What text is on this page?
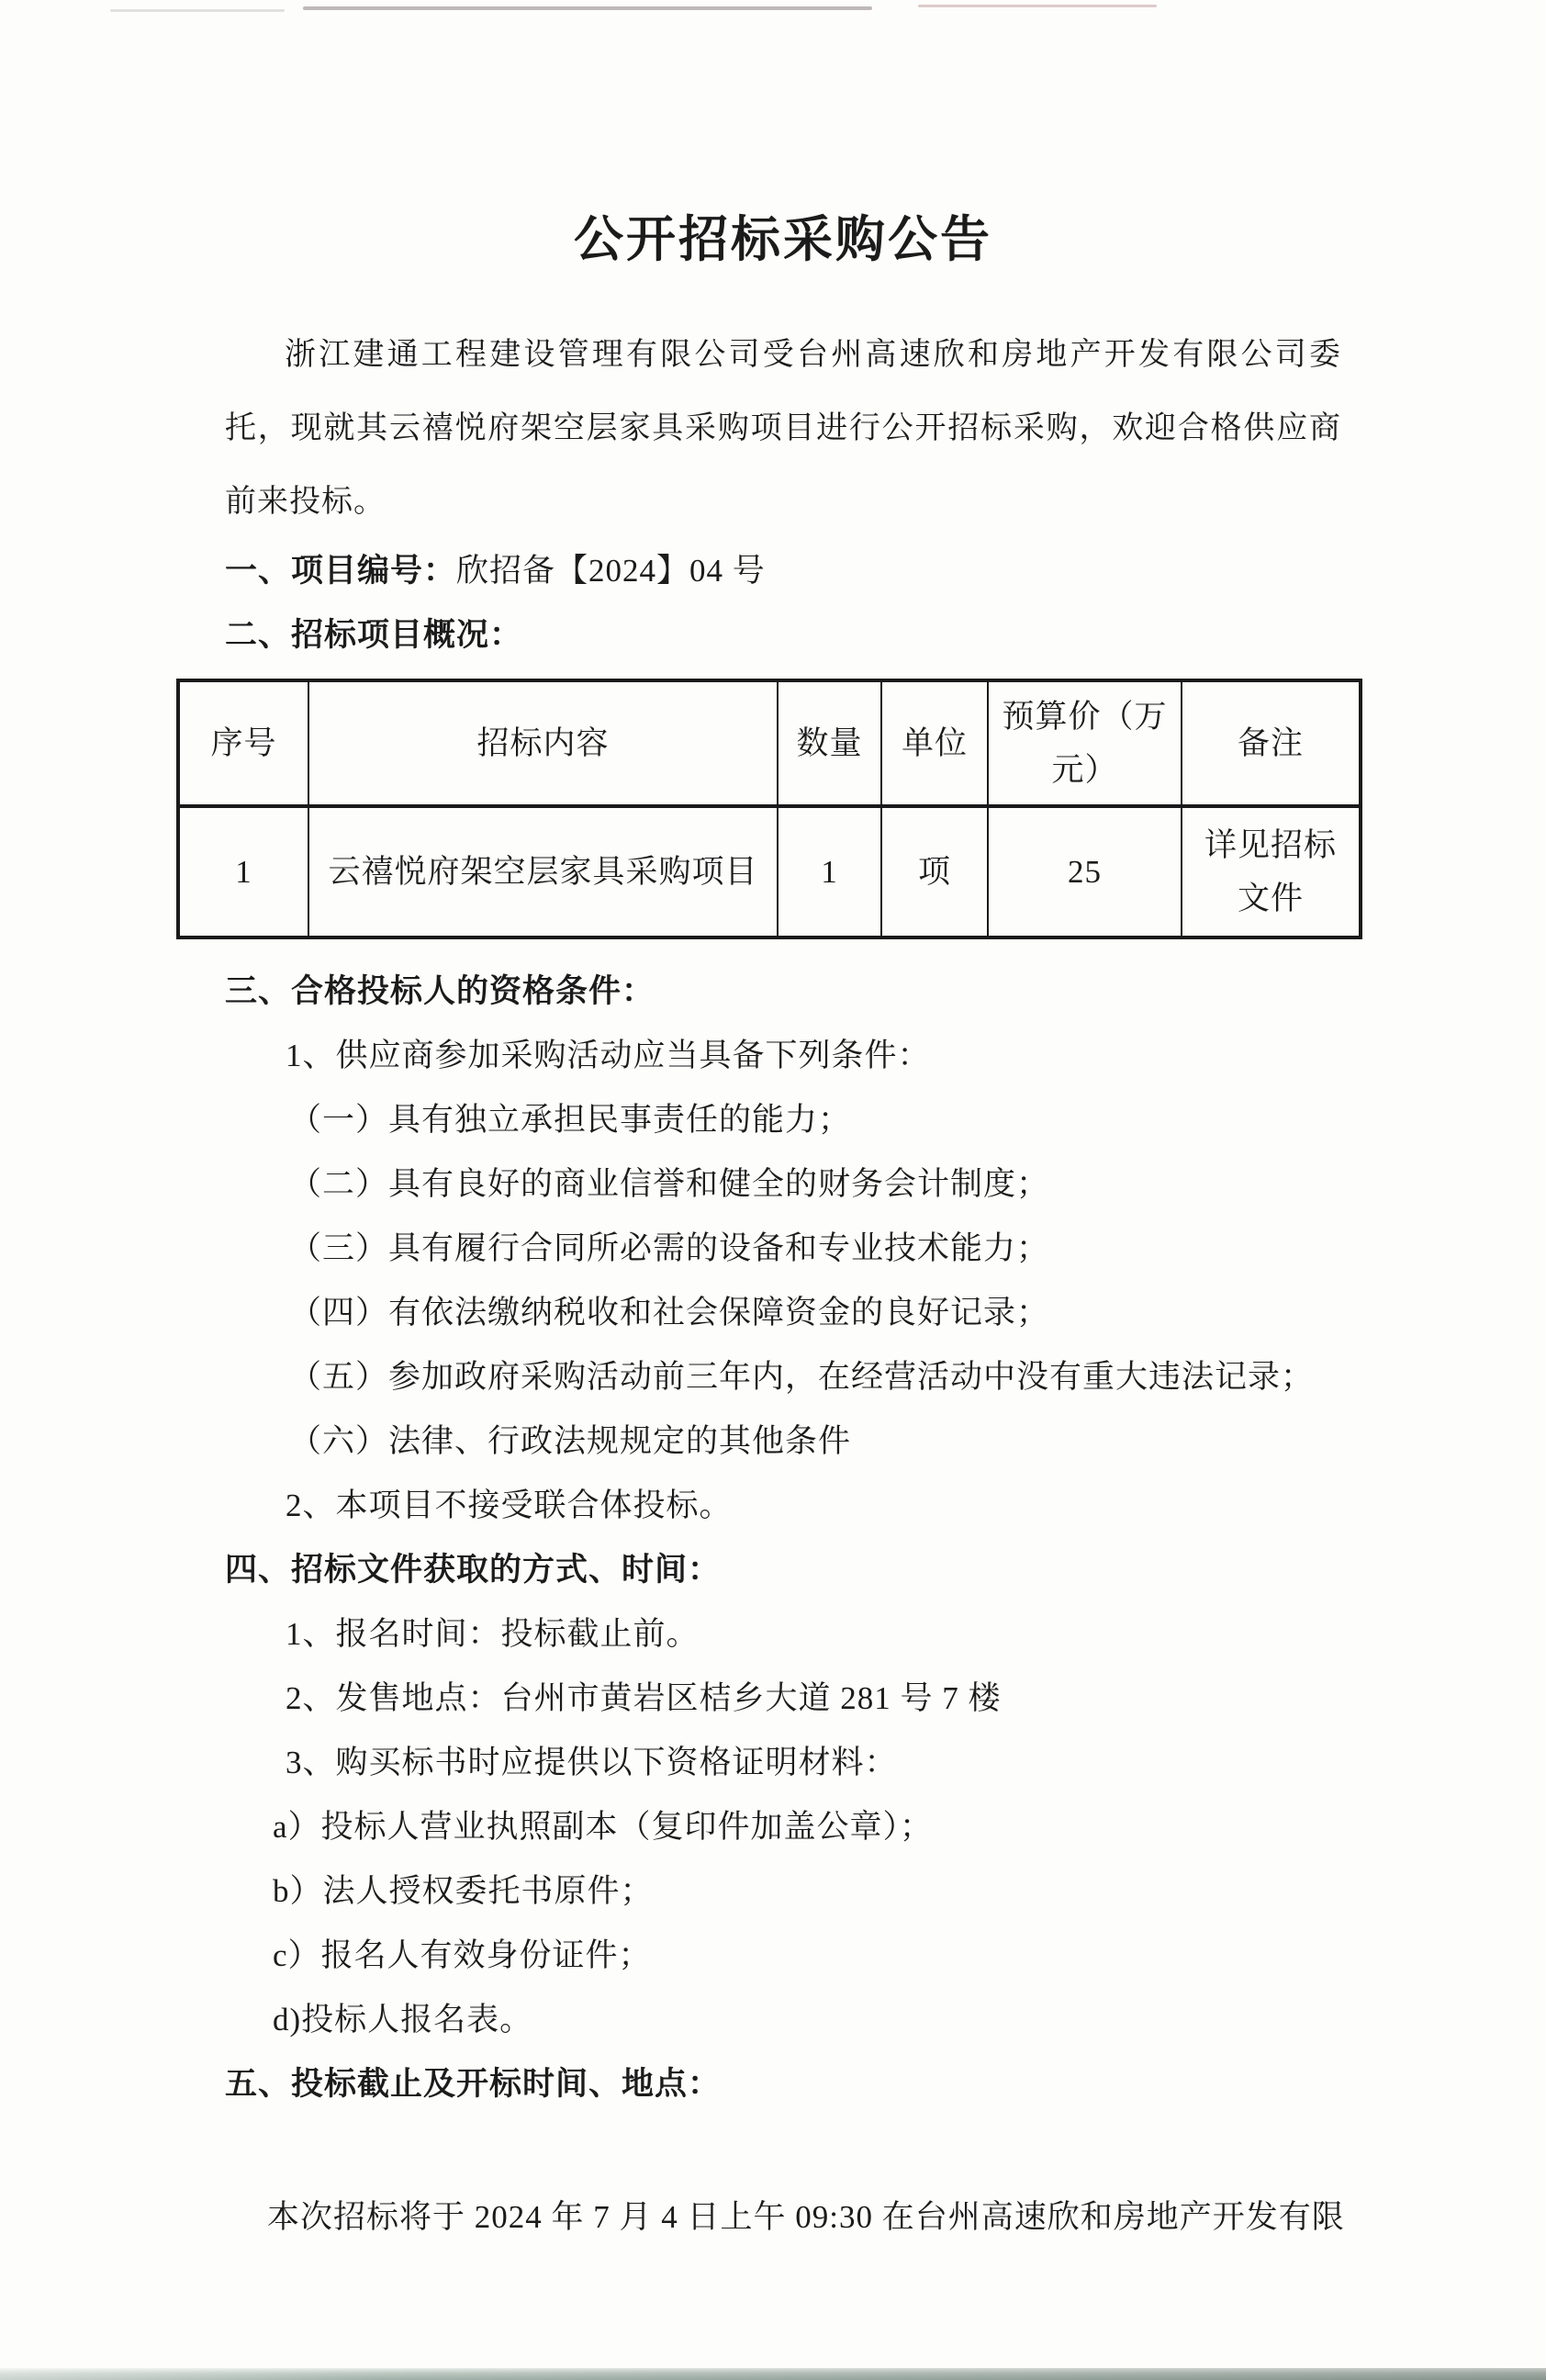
公开招标采购公告

浙江建通工程建设管理有限公司受台州高速欣和房地产开发有限公司委托，现就其云禧悦府架空层家具采购项目进行公开招标采购，欢迎合格供应商前来投标。

一、项目编号：欣招备【2024】04 号
二、招标项目概况：
序号	招标内容	数量	单位	预算价（万元）	备注
1	云禧悦府架空层家具采购项目	1	项	25	详见招标文件
三、合格投标人的资格条件：
1、供应商参加采购活动应当具备下列条件：
（一）具有独立承担民事责任的能力；
（二）具有良好的商业信誉和健全的财务会计制度；
（三）具有履行合同所必需的设备和专业技术能力；
（四）有依法缴纳税收和社会保障资金的良好记录；
（五）参加政府采购活动前三年内，在经营活动中没有重大违法记录；
（六）法律、行政法规规定的其他条件
2、本项目不接受联合体投标。
四、招标文件获取的方式、时间：
1、报名时间：投标截止前。
2、发售地点：台州市黄岩区桔乡大道 281 号 7 楼
3、购买标书时应提供以下资格证明材料：
a）投标人营业执照副本（复印件加盖公章）；
b）法人授权委托书原件；
c）报名人有效身份证件；
d)投标人报名表。
五、投标截止及开标时间、地点：
本次招标将于 2024 年 7 月 4 日上午 09:30 在台州高速欣和房地产开发有限
